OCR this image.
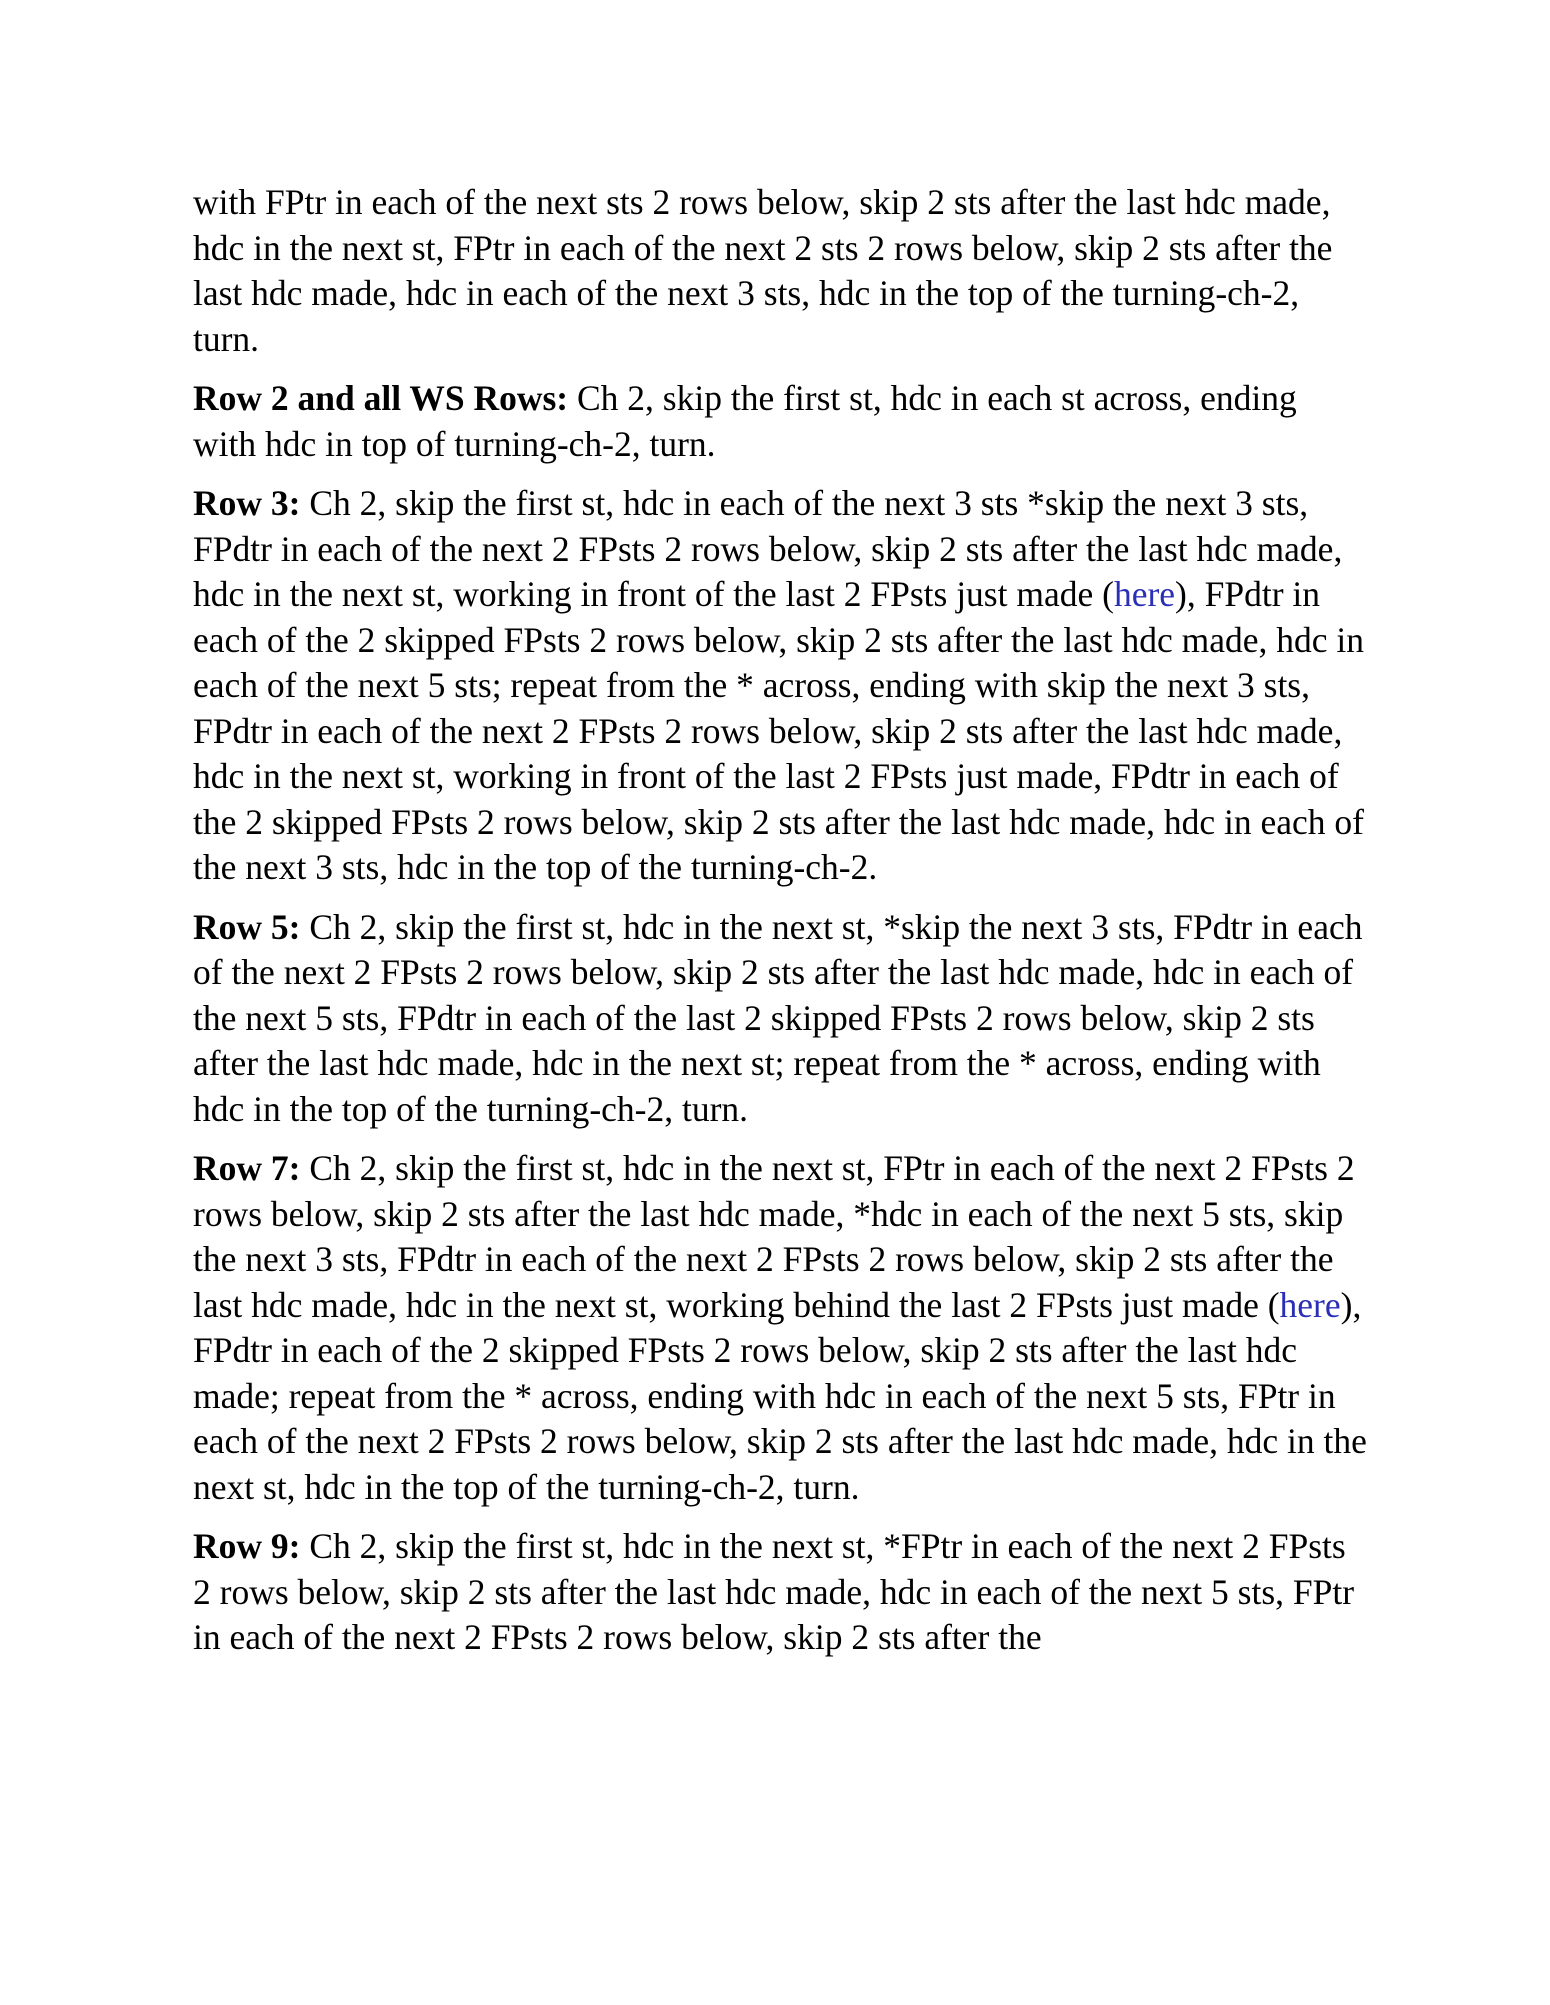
with FPtr in each of the next sts 2 rows below, skip 2 sts after the last hdc made, hdc in the next st, FPtr in each of the next 2 sts 2 rows below, skip 2 sts after the last hdc made, hdc in each of the next 3 sts, hdc in the top of the turning-ch-2, turn.

Row 2 and all WS Rows: Ch 2, skip the first st, hdc in each st across, ending with hdc in top of turning-ch-2, turn.

Row 3: Ch 2, skip the first st, hdc in each of the next 3 sts *skip the next 3 sts, FPdtr in each of the next 2 FPsts 2 rows below, skip 2 sts after the last hdc made, hdc in the next st, working in front of the last 2 FPsts just made (here), FPdtr in each of the 2 skipped FPsts 2 rows below, skip 2 sts after the last hdc made, hdc in each of the next 5 sts; repeat from the * across, ending with skip the next 3 sts, FPdtr in each of the next 2 FPsts 2 rows below, skip 2 sts after the last hdc made, hdc in the next st, working in front of the last 2 FPsts just made, FPdtr in each of the 2 skipped FPsts 2 rows below, skip 2 sts after the last hdc made, hdc in each of the next 3 sts, hdc in the top of the turning-ch-2.

Row 5: Ch 2, skip the first st, hdc in the next st, *skip the next 3 sts, FPdtr in each of the next 2 FPsts 2 rows below, skip 2 sts after the last hdc made, hdc in each of the next 5 sts, FPdtr in each of the last 2 skipped FPsts 2 rows below, skip 2 sts after the last hdc made, hdc in the next st; repeat from the * across, ending with hdc in the top of the turning-ch-2, turn.

Row 7: Ch 2, skip the first st, hdc in the next st, FPtr in each of the next 2 FPsts 2 rows below, skip 2 sts after the last hdc made, *hdc in each of the next 5 sts, skip the next 3 sts, FPdtr in each of the next 2 FPsts 2 rows below, skip 2 sts after the last hdc made, hdc in the next st, working behind the last 2 FPsts just made (here), FPdtr in each of the 2 skipped FPsts 2 rows below, skip 2 sts after the last hdc made; repeat from the * across, ending with hdc in each of the next 5 sts, FPtr in each of the next 2 FPsts 2 rows below, skip 2 sts after the last hdc made, hdc in the next st, hdc in the top of the turning-ch-2, turn.

Row 9: Ch 2, skip the first st, hdc in the next st, *FPtr in each of the next 2 FPsts 2 rows below, skip 2 sts after the last hdc made, hdc in each of the next 5 sts, FPtr in each of the next 2 FPsts 2 rows below, skip 2 sts after the
